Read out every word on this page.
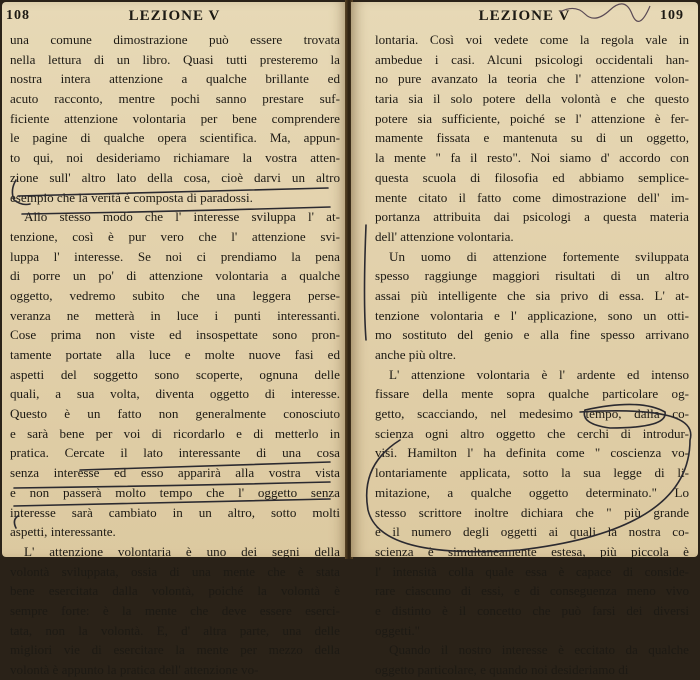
108	LEZIONE V
una comune dimostrazione può essere trovata
nella lettura di un libro. Quasi tutti presteremo la
nostra intera attenzione a qualche brillante ed
acuto racconto, mentre pochi sanno prestare suf-
ficiente attenzione volontaria per bene comprendere
le pagine di qualche opera scientifica. Ma, appun-
to qui, noi desideriamo richiamare la vostra atten-
zione sull' altro lato della cosa, cioè darvi un altro
esempio che la verità è composta di paradossi.
Allo stesso modo che l' interesse sviluppa l' at-
tenzione, così è pur vero che l' attenzione svi-
luppa l' interesse. Se noi ci prendiamo la pena
di porre un po' di attenzione volontaria a qualche
oggetto, vedremo subito che una leggera perse-
veranza ne metterà in luce i punti interessanti.
Cose prima non viste ed insospettate sono pron-
tamente portate alla luce e molte nuove fasi ed
aspetti del soggetto sono scoperte, ognuna delle
quali, a sua volta, diventa oggetto di interesse.
Questo è un fatto non generalmente conosciuto
e sarà bene per voi di ricordarlo e di metterlo in
pratica. Cercate il lato interessante di una cosa
senza interesse ed esso apparirà alla vostra vista
e non passerà molto tempo che l' oggetto senza
interesse sarà cambiato in un altro, sotto molti
aspetti, interessante.
L' attenzione volontaria è uno dei segni della
volontà sviluppata, ossia di una mente che è stata
bene esercitata dalla volontà, poiché la volontà è
sempre forte: è la mente che deve essere eserci-
tata, non la volontà. E, d' altra parte, una delle
migliori vie di esercitare la mente per mezzo della
volontà è appunto la pratica dell' attenzione vo-
LEZIONE V	109
lontaria. Così voi vedete come la regola vale in
ambedue i casi. Alcuni psicologi occidentali han-
no pure avanzato la teoria che l' attenzione volon-
taria sia il solo potere della volontà e che questo
potere sia sufficiente, poiché se l' attenzione è fer-
mamente fissata e mantenuta su di un oggetto,
la mente " fa il resto". Noi siamo d' accordo con
questa scuola di filosofia ed abbiamo semplice-
mente citato il fatto come dimostrazione dell' im-
portanza attribuita dai psicologi a questa materia
dell' attenzione volontaria.
Un uomo di attenzione fortemente sviluppata
spesso raggiunge maggiori risultati di un altro
assai più intelligente che sia privo di essa. L' at-
tenzione volontaria e l' applicazione, sono un otti-
mo sostituto del genio e alla fine spesso arrivano
anche più oltre.
L' attenzione volontaria è l' ardente ed intenso
fissare della mente sopra qualche particolare og-
getto, scacciando, nel medesimo tempo, dalla co-
scienza ogni altro oggetto che cerchi di introdur-
visi. Hamilton l' ha definita come " coscienza vo-
lontariamente applicata, sotto la sua legge di li-
mitazione, a qualche oggetto determinato." Lo
stesso scrittore inoltre dichiara che " più grande
è il numero degli oggetti ai quali la nostra co-
scienza è simultaneamente estesa, più piccola è
l' intensità colla quale essa è capace di conside-
rare ciascuno di essi, e di conseguenza meno vivo
e distinto è il concetto che può farsi dei diversi
oggetti."
Quando il nostro interesse è eccitato da qualche
oggetto particolare, e quando noi desideriamo di
